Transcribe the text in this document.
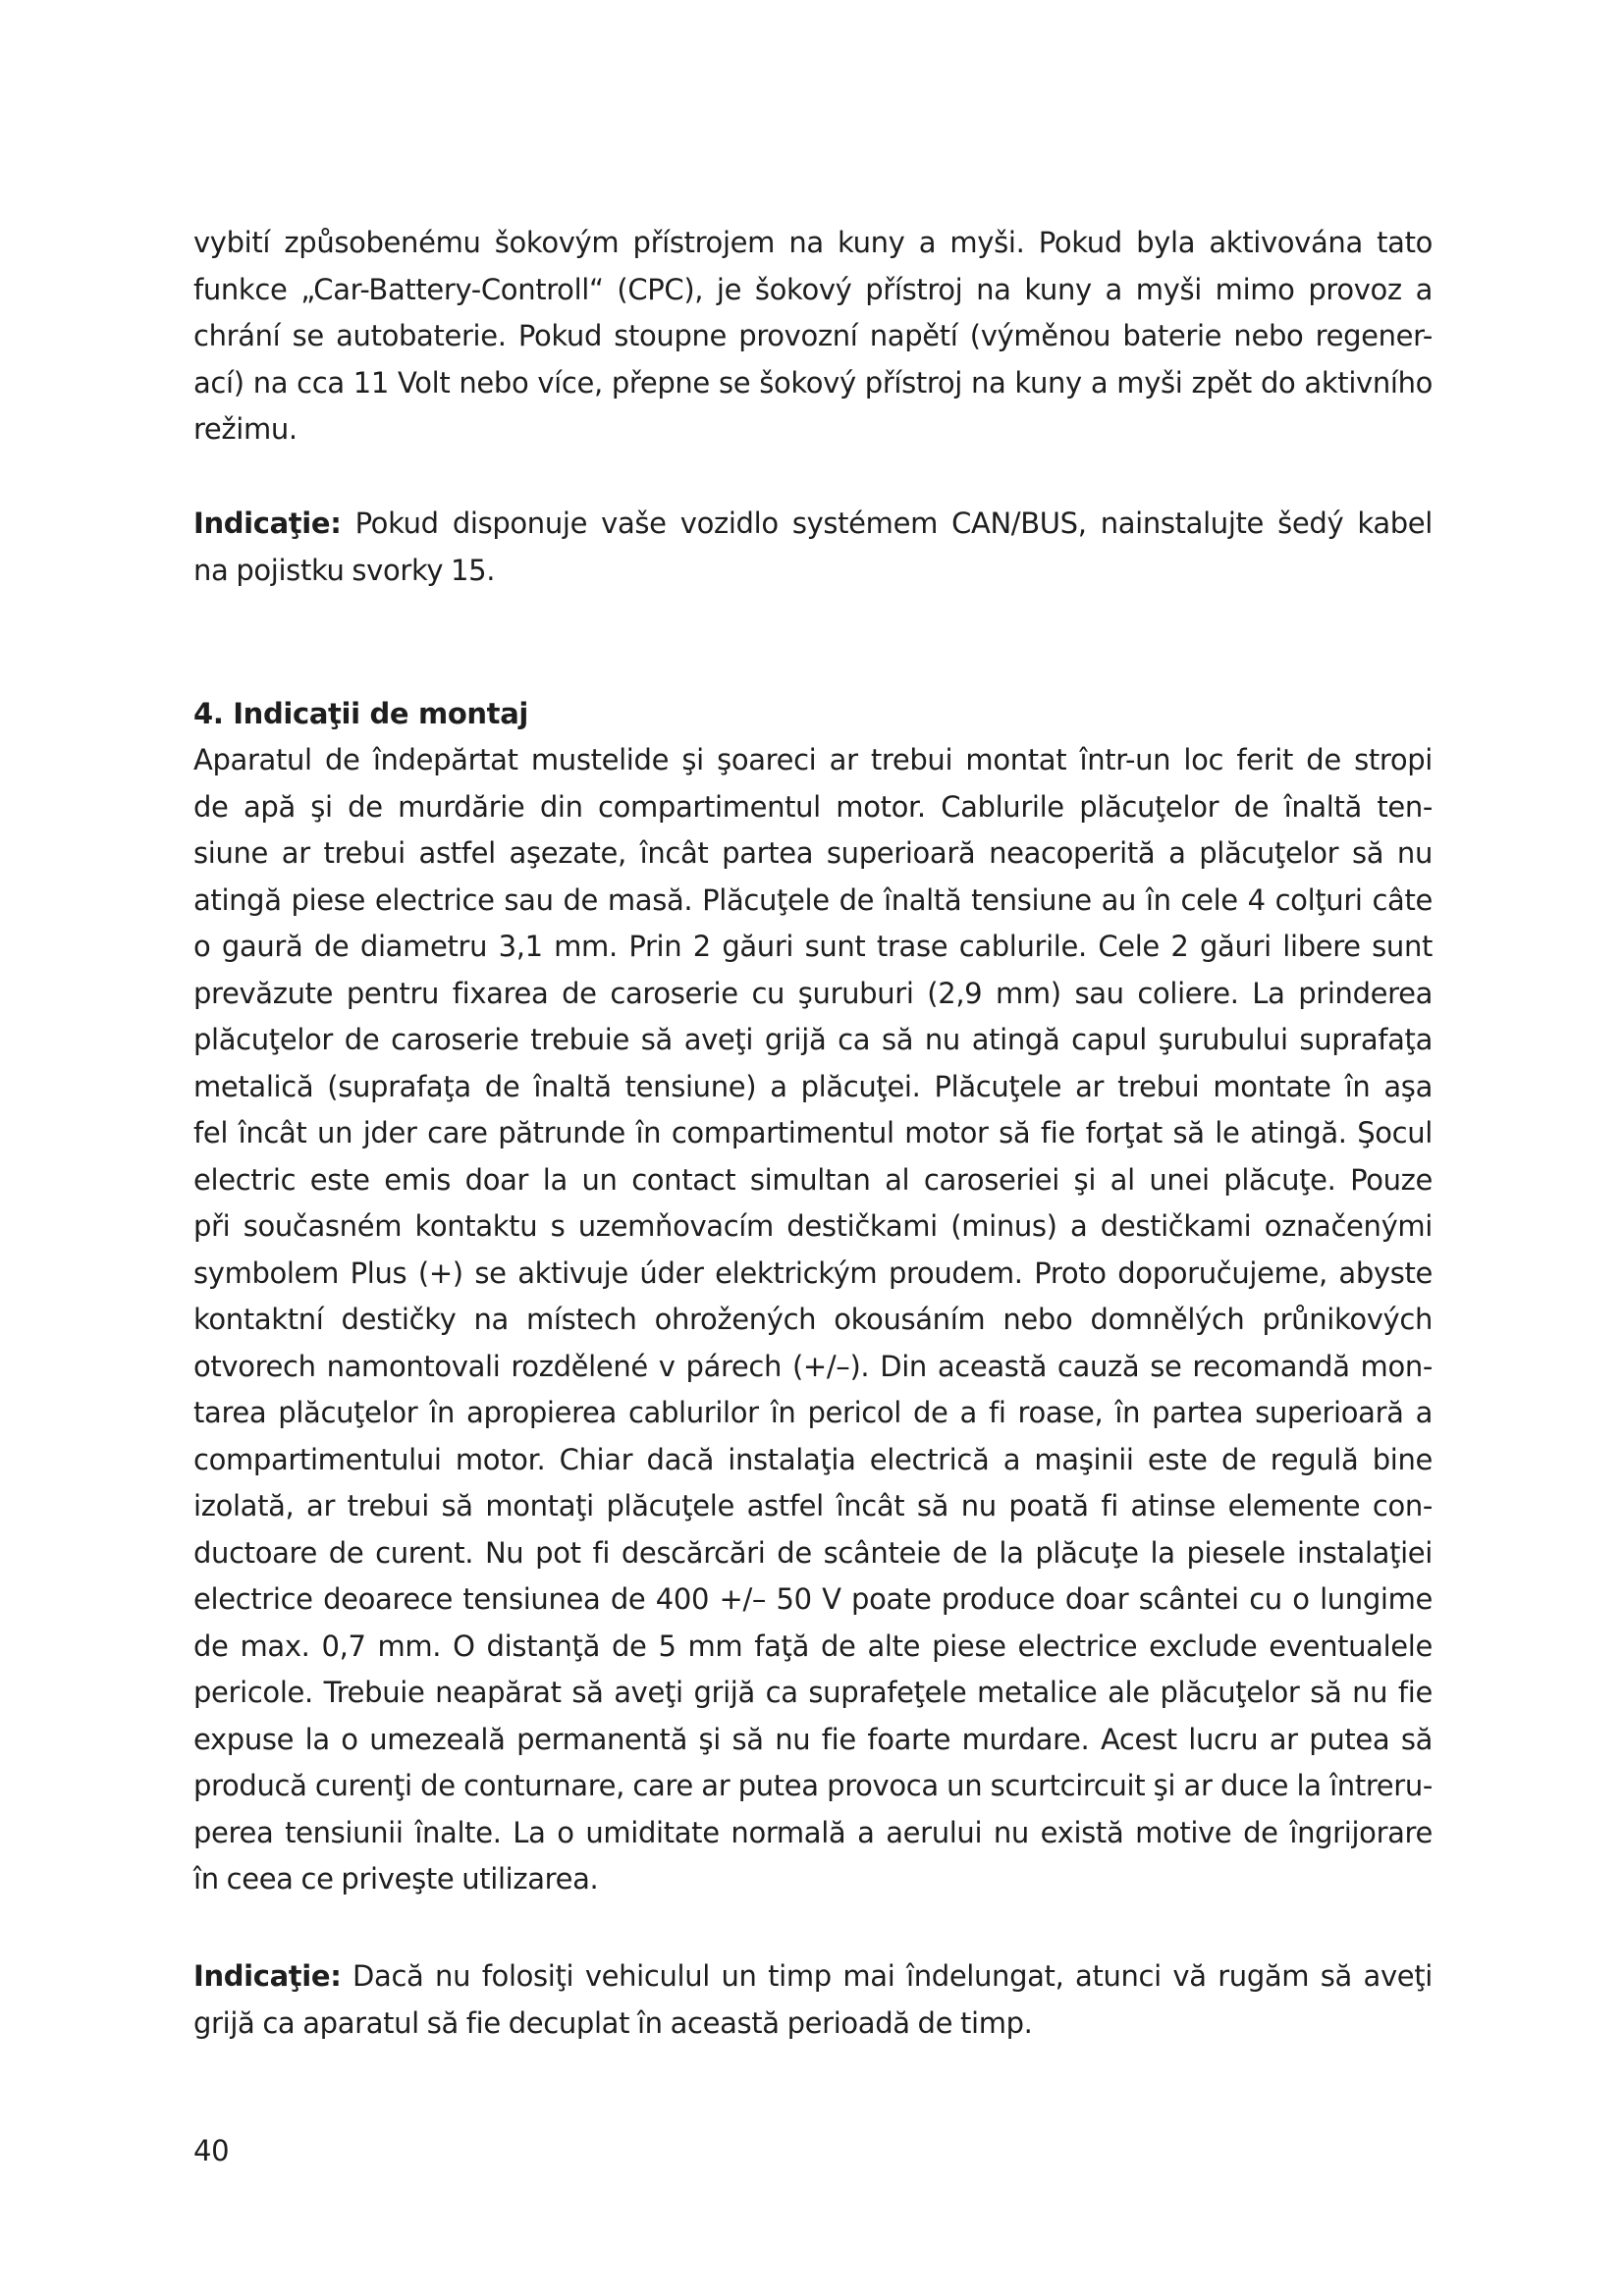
vybití způsobenému šokovým přístrojem na kuny a myši. Pokud byla aktivována tato
funkce „Car-Battery-Controll“ (CPC), je šokový přístroj na kuny a myši mimo provoz a
chrání se autobaterie. Pokud stoupne provozní napětí (výměnou baterie nebo regener-
ací) na cca 11 Volt nebo více, přepne se šokový přístroj na kuny a myši zpět do aktivního
režimu.
Indicaţie: Pokud disponuje vaše vozidlo systémem CAN/BUS, nainstalujte šedý kabel
na pojistku svorky 15.
4. Indicaţii de montaj
Aparatul de îndepărtat mustelide şi şoareci ar trebui montat într-un loc ferit de stropi
de apă şi de murdărie din compartimentul motor. Cablurile plăcuţelor de înaltă ten-
siune ar trebui astfel aşezate, încât partea superioară neacoperită a plăcuţelor să nu
atingă piese electrice sau de masă. Plăcuţele de înaltă tensiune au în cele 4 colţuri câte
o gaură de diametru 3,1 mm. Prin 2 găuri sunt trase cablurile. Cele 2 găuri libere sunt
prevăzute pentru fixarea de caroserie cu şuruburi (2,9 mm) sau coliere. La prinderea
plăcuţelor de caroserie trebuie să aveţi grijă ca să nu atingă capul şurubului suprafaţa
metalică (suprafaţa de înaltă tensiune) a plăcuţei. Plăcuţele ar trebui montate în aşa
fel încât un jder care pătrunde în compartimentul motor să fie forţat să le atingă. Şocul
electric este emis doar la un contact simultan al caroseriei şi al unei plăcuţe. Pouze
při současném kontaktu s uzemňovacím destičkami (minus) a destičkami označenými
symbolem Plus (+) se aktivuje úder elektrickým proudem. Proto doporučujeme, abyste
kontaktní destičky na místech ohrožených okousáním nebo domnělých průnikových
otvorech namontovali rozdělené v párech (+/–). Din această cauză se recomandă mon-
tarea plăcuţelor în apropierea cablurilor în pericol de a fi roase, în partea superioară a
compartimentului motor. Chiar dacă instalaţia electrică a maşinii este de regulă bine
izolată, ar trebui să montaţi plăcuţele astfel încât să nu poată fi atinse elemente con-
ductoare de curent. Nu pot fi descărcări de scânteie de la plăcuţe la piesele instalaţiei
electrice deoarece tensiunea de 400 +/– 50 V poate produce doar scântei cu o lungime
de max. 0,7 mm. O distanţă de 5 mm faţă de alte piese electrice exclude eventualele
pericole. Trebuie neapărat să aveţi grijă ca suprafeţele metalice ale plăcuţelor să nu fie
expuse la o umezeală permanentă şi să nu fie foarte murdare. Acest lucru ar putea să
producă curenţi de conturnare, care ar putea provoca un scurtcircuit şi ar duce la întreru-
perea tensiunii înalte. La o umiditate normală a aerului nu există motive de îngrijorare
în ceea ce priveşte utilizarea.
Indicaţie: Dacă nu folosiţi vehiculul un timp mai îndelungat, atunci vă rugăm să aveţi
grijă ca aparatul să fie decuplat în această perioadă de timp.
40
